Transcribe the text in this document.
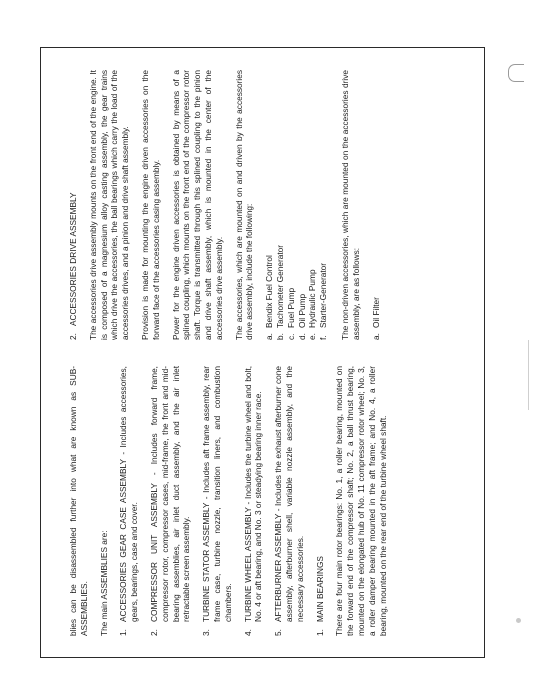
blies can be disassembled further into what are known as SUB-ASSEMBLIES. The main ASSEMBLIES are: 1.
ACCESSORIES GEAR CASE ASSEMBLY - Includes accessories, gears, bearings, case and cover.
2.
COMPRESSOR UNIT ASSEMBLY - Includes forward frame, compressor rotor, compressor cases, mid-frame, the front and mid-bearing assemblies, air inlet duct assembly, and the air inlet retractable screen assembly.
3.
TURBINE STATOR ASSEMBLY - Includes aft frame assembly, rear frame case, turbine nozzle, transition liners, and combustion chambers.
4.
TURBINE WHEEL ASSEMBLY - Includes the turbine wheel and bolt, No. 4 or aft bearing, and No. 3 or steadying bearing inner race.
5.
AFTERBURNER ASSEMBLY - Includes the exhaust afterburner cone assembly, afterburner shell, variable nozzle assembly, and the necessary accessories.
1.
MAIN BEARINGS There are four main rotor bearings: No. 1, a roller bearing, mounted on the forward end of the compressor shaft; No. 2, a ball thrust bearing, mounted on the elongated hub of No. 11 compressor rotor wheel; No. 3, a roller damper bearing mounted in the aft frame; and No. 4, a roller bearing, mounted on the rear end of the turbine wheel shaft.

2.
ACCESSORIES DRIVE ASSEMBLY The accessories drive assembly mounts on the front end of the engine. It is composed of a magnesium alloy casting assembly, the gear trains which drive the accessories, the ball bearings which carry the load of the accessories drives, and a pinion and drive shaft assembly. Provision is made for mounting the engine driven accessories on the forward face of the accessories casing assembly. Power for the engine driven accessories is obtained by means of a splined coupling, which mounts on the front end of the compressor rotor shaft. Torque is transmitted through this splined coupling to the pinion and drive shaft assembly, which is mounted in the center of the accessories drive assembly. The accessories, which are mounted on and driven by the accessories drive assembly, include the following: a.
Bendix Fuel Control
b.
Tachometer Generator
c.
Fuel Pump
d.
Oil Pump
e.
Hydraulic Pump
f.
Starter-Generator The non-driven accessories, which are mounted on the accessories drive assembly, are as follows: a.
Oil Filter
